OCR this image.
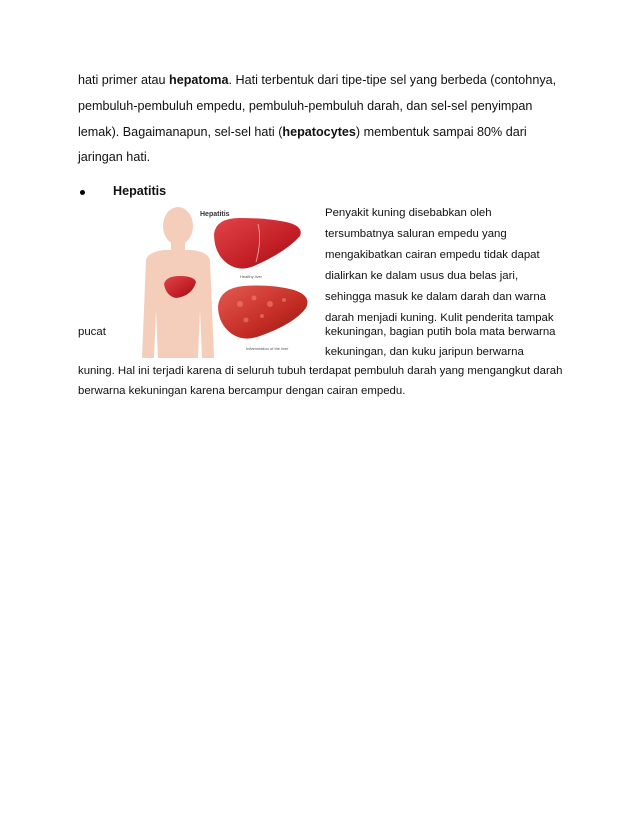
hati primer atau hepatoma. Hati terbentuk dari tipe-tipe sel yang berbeda (contohnya,
pembuluh-pembuluh empedu, pembuluh-pembuluh darah, dan sel-sel penyimpan
lemak). Bagaimanapun, sel-sel hati (hepatocytes) membentuk sampai 80% dari
jaringan hati.
Hepatitis
Hepatitis
Healthy liver
Inflammation of the liver
Penyakit kuning disebabkan oleh
tersumbatnya saluran empedu yang
mengakibatkan cairan empedu tidak dapat
dialirkan ke dalam usus dua belas jari,
sehingga masuk ke dalam darah dan warna
darah menjadi kuning. Kulit penderita tampak
kekuningan, bagian putih bola mata berwarna
kekuningan, dan kuku jaripun berwarna
pucat
kuning. Hal ini terjadi karena di seluruh tubuh terdapat pembuluh darah yang mengangkut darah
berwarna kekuningan karena bercampur dengan cairan empedu.
